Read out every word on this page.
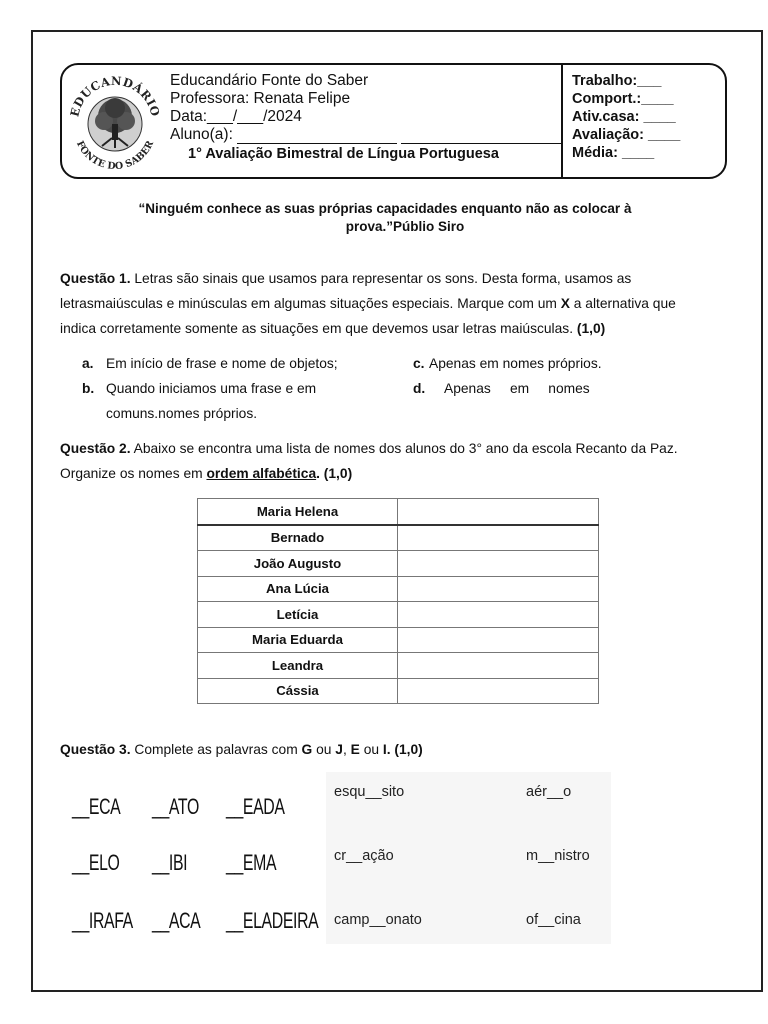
EDUCANDÁRIO
FONTE DO SABER
Educandário Fonte do Saber
Professora: Renata Felipe
Data:___/___/2024
Aluno(a):
1° Avaliação Bimestral de Língua Portuguesa
Trabalho:___
Comport.:____
Ativ.casa: ____
Avaliação: ____
Média: ____
“Ninguém conhece as suas próprias capacidades enquanto não as colocar à
prova.”Públio Siro
Questão 1. Letras são sinais que usamos para representar os sons. Desta forma, usamos as letrasmaiúsculas e minúsculas em algumas situações especiais. Marque com um X a alternativa que indica corretamente somente as situações em que devemos usar letras maiúsculas. (1,0)
a. Em início de frase e nome de objetos;
b. Quando iniciamos uma frase e em
comuns.nomes próprios.
c. Apenas em nomes próprios.
d. Apenas     em     nomes
Questão 2. Abaixo se encontra uma lista de nomes dos alunos do 3° ano da escola Recanto da Paz. Organize os nomes em ordem alfabética. (1,0)
Maria Helena	
Bernado	
João Augusto	
Ana Lúcia	
Letícia	
Maria Eduarda	
Leandra	
Cássia	
Questão 3. Complete as palavras com G ou J, E ou I. (1,0)
__ECA __ATO __EADA
__ELO __IBI __EMA
__IRAFA __ACA __ELADEIRA
esqu__sito	aér__o
cr__ação	m__nistro
camp__onato	of__cina
